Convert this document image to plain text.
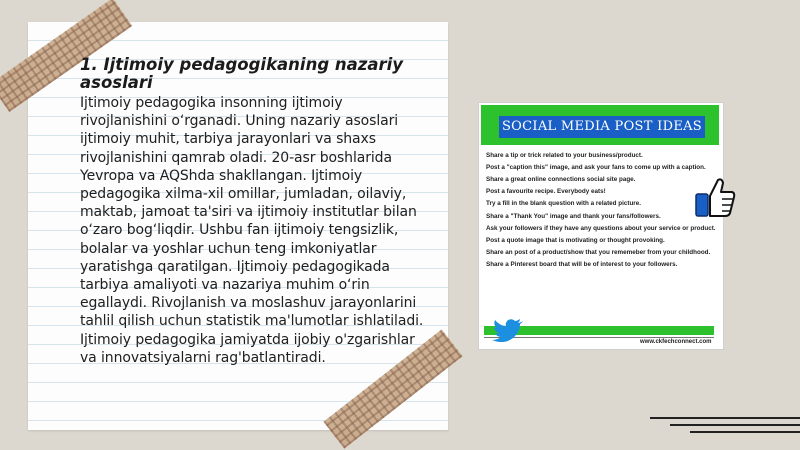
1. Ijtimoiy pedagogikaning nazariy asoslari

Ijtimoiy pedagogika insonning ijtimoiy rivojlanishini o‘rganadi. Uning nazariy asoslari ijtimoiy muhit, tarbiya jarayonlari va shaxs rivojlanishini qamrab oladi. 20-asr boshlarida Yevropa va AQShda shakllangan. Ijtimoiy pedagogika xilma-xil omillar, jumladan, oilaviy, maktab, jamoat ta'siri va ijtimoiy institutlar bilan o‘zaro bog‘liqdir. Ushbu fan ijtimoiy tengsizlik, bolalar va yoshlar uchun teng imkoniyatlar yaratishga qaratilgan. Ijtimoiy pedagogikada tarbiya amaliyoti va nazariya muhim o‘rin egallaydi. Rivojlanish va moslashuv jarayonlarini tahlil qilish uchun statistik ma'lumotlar ishlatiladi. Ijtimoiy pedagogika jamiyatda ijobiy o'zgarishlar va innovatsiyalarni rag'batlantiradi.

SOCIAL MEDIA POST IDEAS
Share a tip or trick related to your business/product.
Post a "caption this" image, and ask your fans to come up with a caption.
Share a great online connections social site page.
Post a favourite recipe. Everybody eats!
Try a fill in the blank question with a related picture.
Share a "Thank You" image and thank your fans/followers.
Ask your followers if they have any questions about your service or product.
Post a quote image that is motivating or thought provoking.
Share an post of a product/show that you rememeber from your childhood.
Share a Pinterest board that will be of interest to your followers.
www.ckfechconnect.com
